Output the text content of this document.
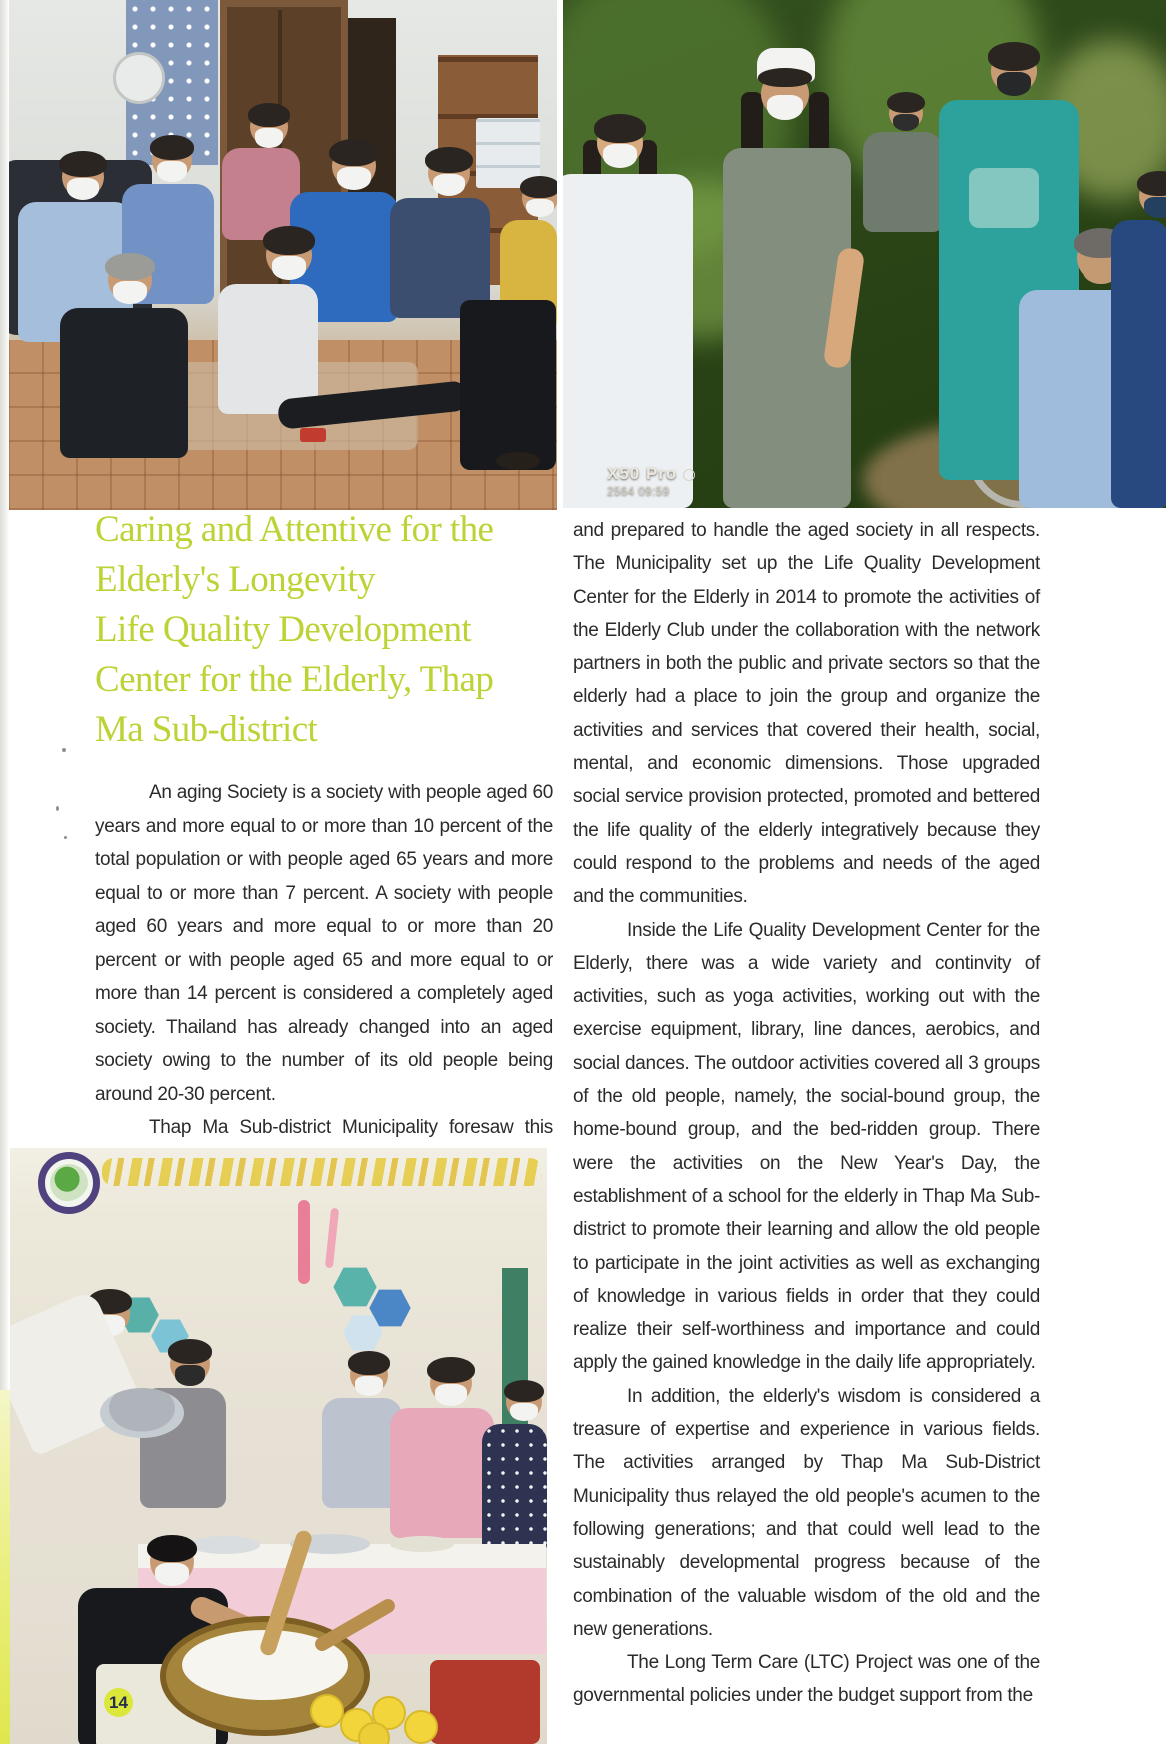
X50 Pro
2564 09:59
Caring and Attentive for the
Elderly's Longevity
Life Quality Development
Center for the Elderly, Thap
Ma Sub-district

An aging Society is a society with people aged 60 years and more equal to or more than 10 percent of the total population or with people aged 65 years and more equal to or more than 7 percent. A society with people aged 60 years and more equal to or more than 20 percent or with people aged 65 and more equal to or more than 14 percent is considered a completely aged society. Thailand has already changed into an aged society owing to the number of its old people being around 20-30 percent.

Thap Ma Sub-district Municipality foresaw this

and prepared to handle the aged society in all respects. The Municipality set up the Life Quality Development Center for the Elderly in 2014 to promote the activities of the Elderly Club under the collaboration with the network partners in both the public and private sectors so that the elderly had a place to join the group and organize the activities and services that covered their health, social, mental, and economic dimensions. Those upgraded social service provision protected, promoted and bettered the life quality of the elderly integratively because they could respond to the problems and needs of the aged and the communities.

Inside the Life Quality Development Center for the Elderly, there was a wide variety and continvity of activities, such as yoga activities, working out with the exercise equipment, library, line dances, aerobics, and social dances. The outdoor activities covered all 3 groups of the old people, namely, the social-bound group, the home-bound group, and the bed-ridden group. There were the activities on the New Year's Day, the establishment of a school for the elderly in Thap Ma Sub-district to promote their learning and allow the old people to participate in the joint activities as well as exchanging of knowledge in various fields in order that they could realize their self-worthiness and importance and could apply the gained knowledge in the daily life appropriately.

In addition, the elderly's wisdom is considered a treasure of expertise and experience in various fields. The activities arranged by Thap Ma Sub-District Municipality thus relayed the old people's acumen to the following generations; and that could well lead to the sustainably developmental progress because of the combination of the valuable wisdom of the old and the new generations.

The Long Term Care (LTC) Project was one of the governmental policies under the budget support from the

14
